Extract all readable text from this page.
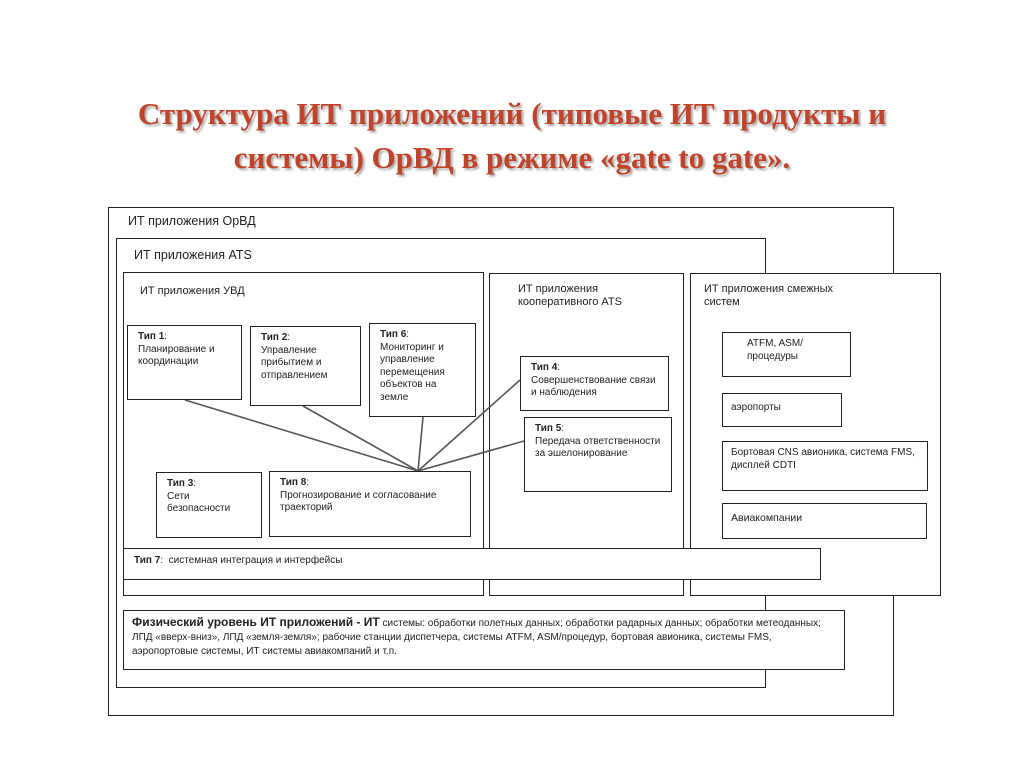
Структура ИТ приложений (типовые ИТ продукты и
системы) ОрВД в режиме «gate to gate».
ИТ приложения ОрВД
ИТ приложения ATS
ИТ приложения УВД	ИТ приложения кооперативного ATS
ИТ приложения смежных систем
Тип 1:
Планирование и координации
Тип 2:
Управление прибытием и отправлением
Тип 6:
Мониторинг и управление перемещения объектов на земле
Тип 3:
Сети безопасности
Тип 8:
Прогнозирование и согласование траекторий
Тип 4:
Совершенствование связи и наблюдения
Тип 5:
Передача ответственности за эшелонирование
ATFM, ASM/процедуры
аэропорты
Бортовая CNS авионика, система FMS, дисплей CDTI
Авиакомпании
Тип 7:  системная интеграция и интерфейсы
Физический уровень ИТ приложений - ИТ системы: обработки полетных данных; обработки радарных данных; обработки метеоданных; ЛПД «вверх-вниз», ЛПД «земля-земля»; рабочие станции диспетчера, системы ATFM, ASM/процедур, бортовая авионика, системы FMS, аэропортовые системы, ИТ системы авиакомпаний и т.п.
